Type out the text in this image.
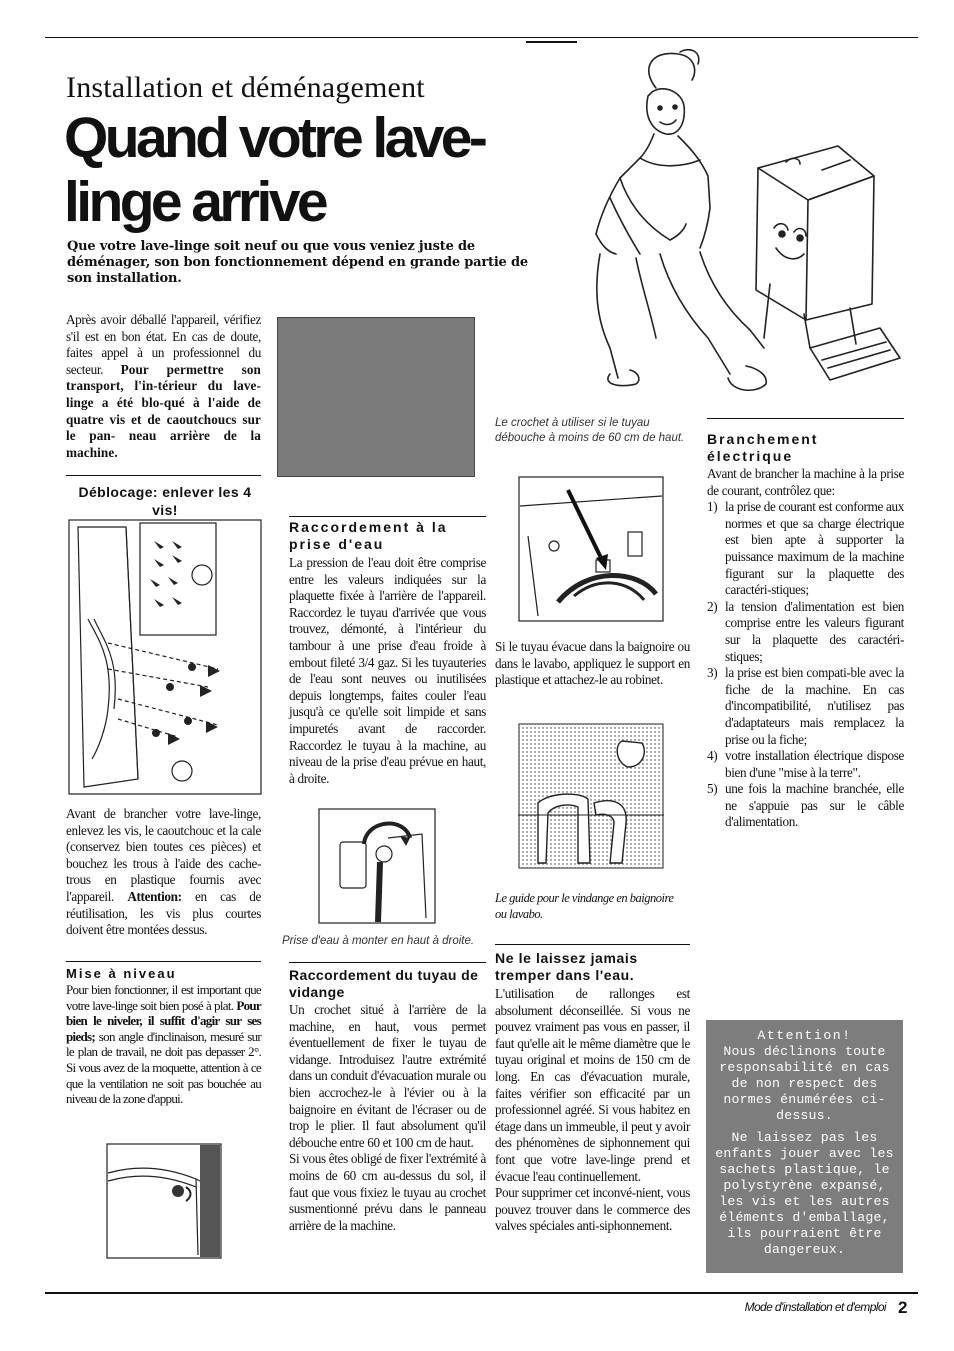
Installation et déménagement
Quand votre lave-
linge arrive
Que votre lave-linge soit neuf ou que vous veniez juste de déménager, son bon fonctionnement dépend en grande partie de son installation.
Après avoir déballé l'appareil, vérifiez s'il est en bon état. En cas de doute, faites appel à un professionnel du secteur. Pour permettre son transport, l'in-térieur du lave-linge a été blo-qué à l'aide de quatre vis et de caoutchoucs sur le pan- neau arrière de la machine.
Déblocage: enlever les 4 vis!
Avant de brancher votre lave-linge, enlevez les vis, le caoutchouc et la cale (conservez bien toutes ces pièces) et bouchez les trous à l'aide des cache-trous en plastique fournis avec l'appareil. Attention: en cas de réutilisation, les vis plus courtes doivent être montées dessus.
Mise à niveau
Pour bien fonctionner, il est important que votre lave-linge soit bien posé à plat. Pour bien le niveler, il suffit d'agir sur ses pieds; son angle d'inclinaison, mesuré sur le plan de travail, ne doit pas depasser 2°. Si vous avez de la moquette, attention à ce que la ventilation ne soit pas bouchée au niveau de la zone d'appui.
Raccordement à la prise d'eau
La pression de l'eau doit être comprise entre les valeurs indiquées sur la plaquette fixée à l'arrière de l'appareil. Raccordez le tuyau d'arrivée que vous trouvez, démonté, à l'intérieur du tambour à une prise d'eau froide à embout fileté 3/4 gaz. Si les tuyauteries de l'eau sont neuves ou inutilisées depuis longtemps, faites couler l'eau jusqu'à ce qu'elle soit limpide et sans impuretés avant de raccorder. Raccordez le tuyau à la machine, au niveau de la prise d'eau prévue en haut, à droite.
Prise d'eau à monter en haut à droite.
Raccordement du tuyau de vidange
Un crochet situé à l'arrière de la machine, en haut, vous permet éventuellement de fixer le tuyau de vidange. Introduisez l'autre extrémité dans un conduit d'évacuation murale ou bien accrochez-le à l'évier ou à la baignoire en évitant de l'écraser ou de trop le plier. Il faut absolument qu'il débouche entre 60 et 100 cm de haut.
Si vous êtes obligé de fixer l'extrémité à moins de 60 cm au-dessus du sol, il faut que vous fixiez le tuyau au crochet susmentionné prévu dans le panneau arrière de la machine.
Le crochet à utiliser si le tuyau débouche à moins de 60 cm de haut.
Si le tuyau évacue dans la baignoire ou dans le lavabo, appliquez le support en plastique et attachez-le au robinet.
Le guide pour le vindange en baignoire ou lavabo.
Ne le laissez jamais tremper dans l'eau.
L'utilisation de rallonges est absolument déconseillée. Si vous ne pouvez vraiment pas vous en passer, il faut qu'elle ait le même diamètre que le tuyau original et moins de 150 cm de long. En cas d'évacuation murale, faites vérifier son efficacité par un professionnel agréé. Si vous habitez en étage dans un immeuble, il peut y avoir des phénomènes de siphonnement qui font que votre lave-linge prend et évacue l'eau continuellement.
Pour supprimer cet inconvé-nient, vous pouvez trouver dans le commerce des valves spéciales anti-siphonnement.
Branchement électrique
Avant de brancher la machine à la prise de courant, contrôlez que:
1) la prise de courant est conforme aux normes et que sa charge électrique est bien apte à supporter la puissance maximum de la machine figurant sur la plaquette des caractéri-stiques;
2) la tension d'alimentation est bien comprise entre les valeurs figurant sur la plaquette des caractéri-stiques;
3) la prise est bien compati-ble avec la fiche de la machine. En cas d'incompatibilité, n'utilisez pas d'adaptateurs mais remplacez la prise ou la fiche;
4) votre installation électrique dispose bien d'une "mise à la terre".
5) une fois la machine branchée, elle ne s'appuie pas sur le câble d'alimentation.
Attention!
Nous déclinons toute responsabilité en cas de non respect des normes énumérées ci-dessus.
Ne laissez pas les enfants jouer avec les sachets plastique, le polystyrène expansé, les vis et les autres éléments d'emballage, ils pourraient être dangereux.
Mode d'installation et d'emploi 2
